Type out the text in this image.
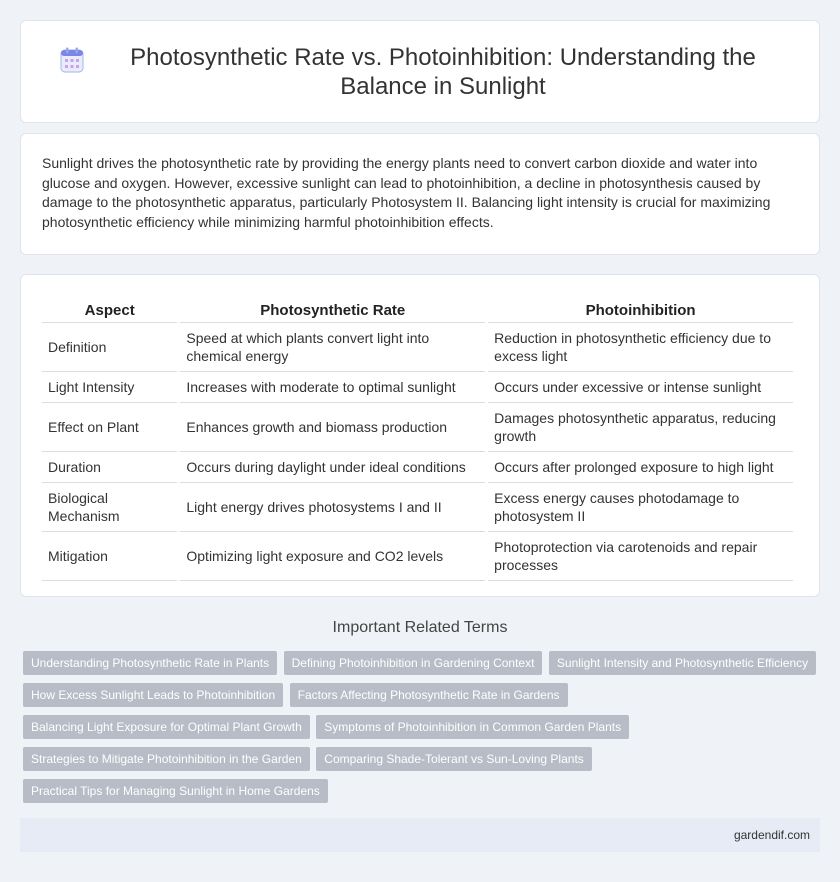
Photosynthetic Rate vs. Photoinhibition: Understanding the Balance in Sunlight

Sunlight drives the photosynthetic rate by providing the energy plants need to convert carbon dioxide and water into glucose and oxygen. However, excessive sunlight can lead to photoinhibition, a decline in photosynthesis caused by damage to the photosynthetic apparatus, particularly Photosystem II. Balancing light intensity is crucial for maximizing photosynthetic efficiency while minimizing harmful photoinhibition effects.

Aspect	Photosynthetic Rate	Photoinhibition
Definition	Speed at which plants convert light into chemical energy	Reduction in photosynthetic efficiency due to excess light
Light Intensity	Increases with moderate to optimal sunlight	Occurs under excessive or intense sunlight
Effect on Plant	Enhances growth and biomass production	Damages photosynthetic apparatus, reducing growth
Duration	Occurs during daylight under ideal conditions	Occurs after prolonged exposure to high light
Biological Mechanism	Light energy drives photosystems I and II	Excess energy causes photodamage to photosystem II
Mitigation	Optimizing light exposure and CO2 levels	Photoprotection via carotenoids and repair processes
Important Related Terms
Understanding Photosynthetic Rate in Plants Defining Photoinhibition in Gardening Context Sunlight Intensity and Photosynthetic Efficiency How Excess Sunlight Leads to Photoinhibition Factors Affecting Photosynthetic Rate in Gardens Balancing Light Exposure for Optimal Plant Growth Symptoms of Photoinhibition in Common Garden Plants Strategies to Mitigate Photoinhibition in the Garden Comparing Shade-Tolerant vs Sun-Loving Plants Practical Tips for Managing Sunlight in Home Gardens
gardendif.com
